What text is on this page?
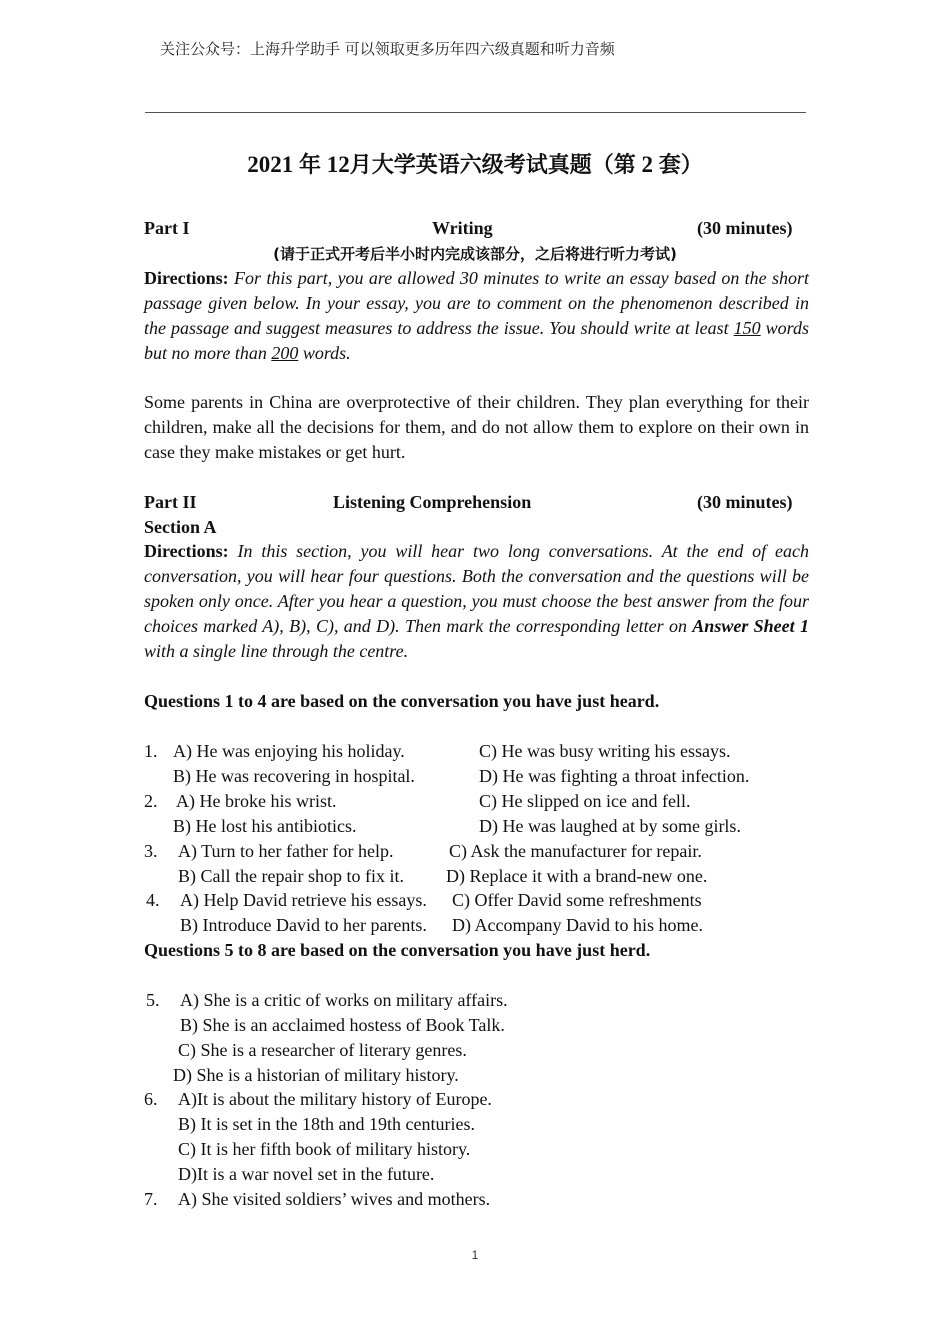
关注公众号：上海升学助手 可以领取更多历年四六级真题和听力音频
2021 年 12月大学英语六级考试真题（第 2 套）
Part I	Writing	(30 minutes)
(请于正式开考后半小时内完成该部分，之后将进行听力考试)
Directions: For this part, you are allowed 30 minutes to write an essay based on the short passage given below. In your essay, you are to comment on the phenomenon described in the passage and suggest measures to address the issue. You should write at least 150 words but no more than 200 words.
Some parents in China are overprotective of their children. They plan everything for their children, make all the decisions for them, and do not allow them to explore on their own in case they make mistakes or get hurt.
Part II	Listening Comprehension	(30 minutes)
Section A
Directions: In this section, you will hear two long conversations. At the end of each conversation, you will hear four questions. Both the conversation and the questions will be spoken only once. After you hear a question, you must choose the best answer from the four choices marked A), B), C), and D). Then mark the corresponding letter on Answer Sheet 1 with a single line through the centre.
Questions 1 to 4 are based on the conversation you have just heard.
1. A) He was enjoying his holiday.	C) He was busy writing his essays.
B) He was recovering in hospital.	D) He was fighting a throat infection.
2. A) He broke his wrist.	C) He slipped on ice and fell.
B) He lost his antibiotics.	D) He was laughed at by some girls.
3. A) Turn to her father for help.	C) Ask the manufacturer for repair.
B) Call the repair shop to fix it. D) Replace it with a brand-new one.
4. A) Help David retrieve his essays. C) Offer David some refreshments
B) Introduce David to her parents. D) Accompany David to his home.
Questions 5 to 8 are based on the conversation you have just herd.
5. A) She is a critic of works on military affairs.
B) She is an acclaimed hostess of Book Talk.
C) She is a researcher of literary genres.
D) She is a historian of military history.
6. A)It is about the military history of Europe.
B) It is set in the 18th and 19th centuries.
C) It is her fifth book of military history.
D)It is a war novel set in the future.
7. A) She visited soldiers’ wives and mothers.
1
